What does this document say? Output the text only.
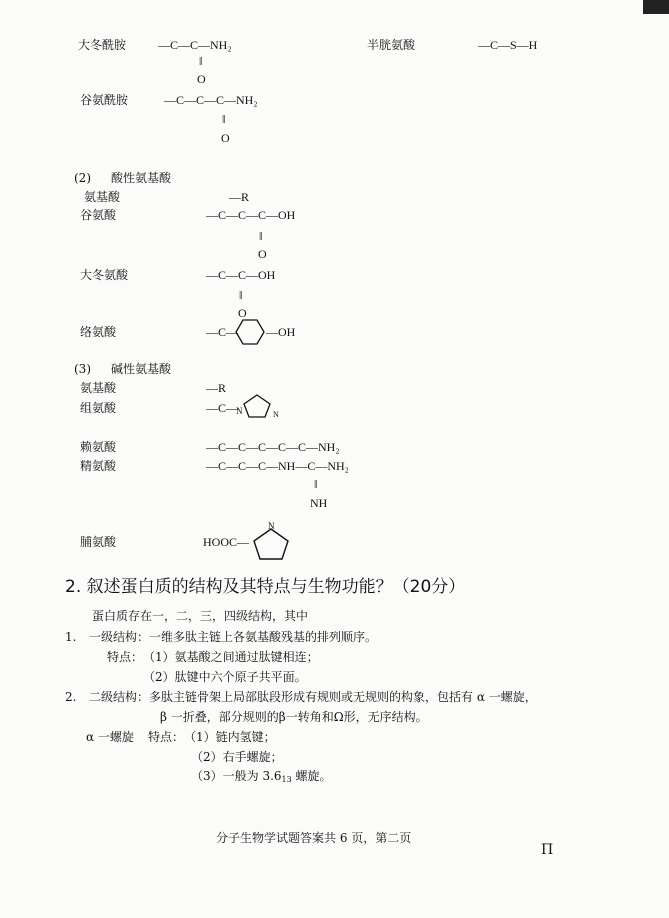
大冬酰胺	—C—C—NH₂
‖
O
半胱氨酸	—C—S—H
谷氨酰胺	—C—C—C—NH₂
‖
O
(2) 酸性氨基酸
氨基酸	—R
谷氨酸	—C—C—C—OH
‖
O
大冬氨酸	—C—C—OH
‖
O
络氨酸	—C— —OH
(3) 碱性氨基酸
氨基酸	—R
组氨酸	—C—
N	N
赖氨酸	—C—C—C—C—C—NH₂
精氨酸	—C—C—C—NH—C—NH₂
‖
NH
脯氨酸	HOOC—
N
2. 叙述蛋白质的结构及其特点与生物功能？（20分）
蛋白质存在一，二，三，四级结构，其中
1. 一级结构：一维多肽主链上各氨基酸残基的排列顺序。
特点： （1）氨基酸之间通过肽键相连；
（2）肽键中六个原子共平面。
2. 二级结构：多肽主链骨架上局部肽段形成有规则或无规则的构象，包括有 α 一螺旋，
β 一折叠，部分规则的β一转角和Ω形，无序结构。
α 一螺旋 特点： （1）链内氢键；
（2）右手螺旋；
（3）一般为 $3.6_{13}$ 螺旋。
分子生物学试题答案共 6 页，第二页
Π
